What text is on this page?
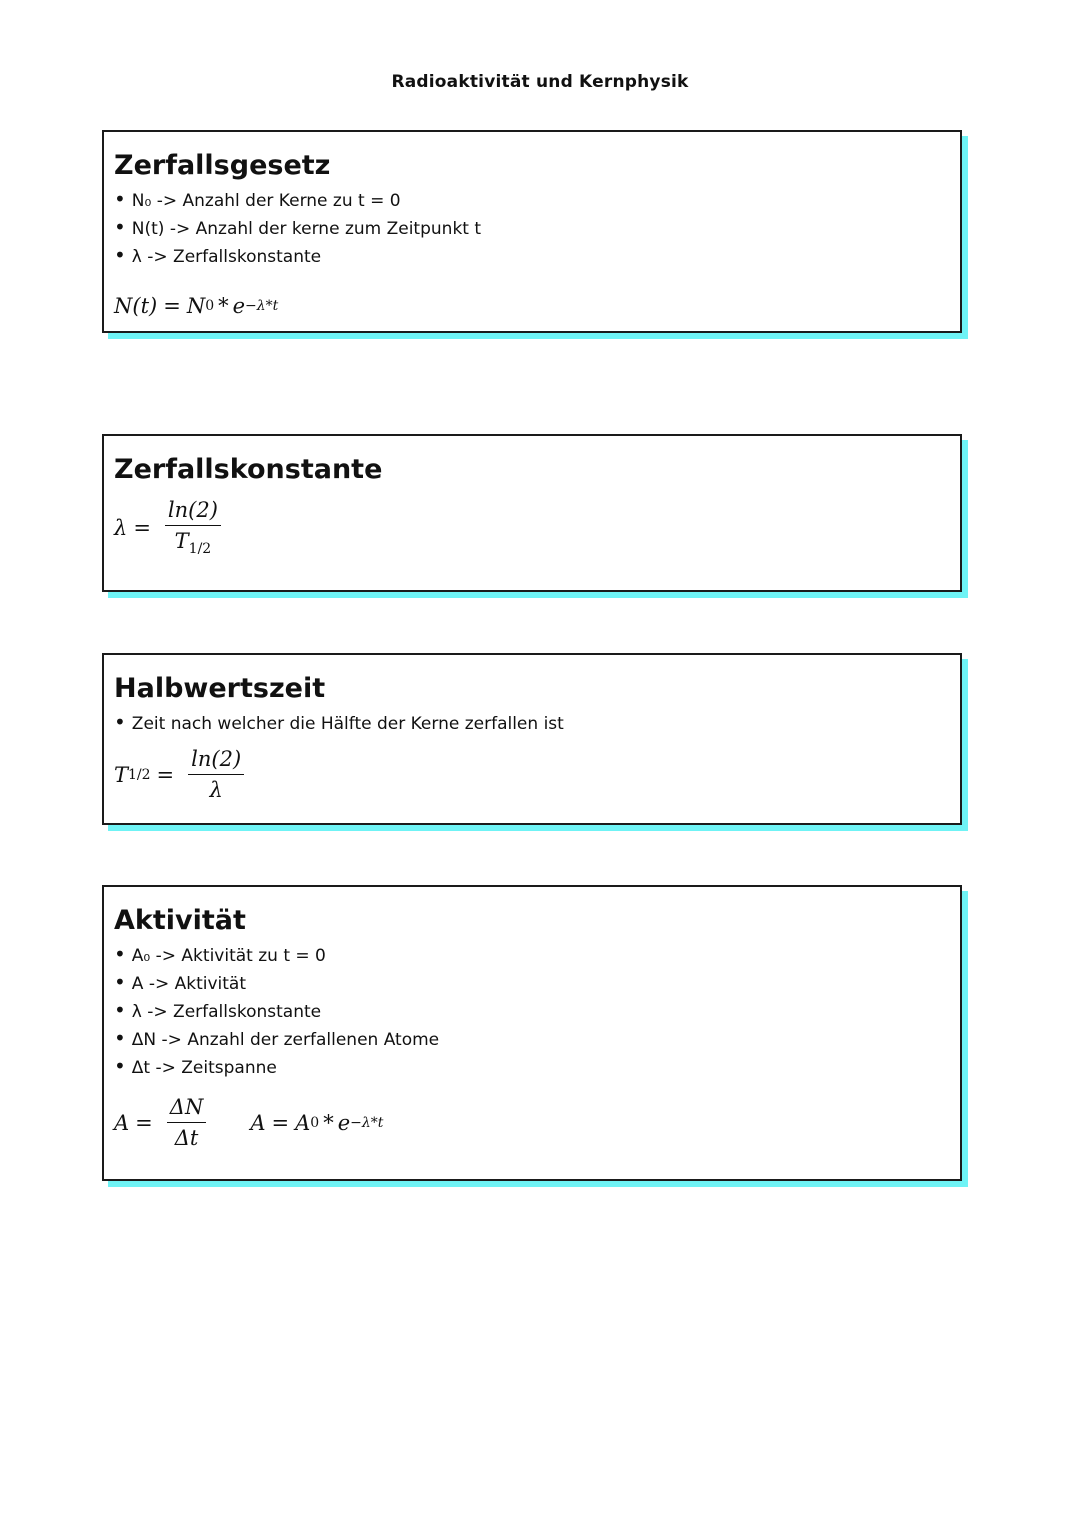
Radioaktivität und Kernphysik
Zerfallsgesetz
• N₀ -> Anzahl der Kerne zu t = 0
• N(t) -> Anzahl der kerne zum Zeitpunkt t
• λ -> Zerfallskonstante
N(t) = N 0 * e −λ*t
Zerfallskonstante
$\lambda = \frac{\ln(2)}{T_{1/2}}$
Halbwertszeit
• Zeit nach welcher die Hälfte der Kerne zerfallen ist
T $1/2 = \frac{\ln(2)}{\lambda}$
Aktivität
• A₀ -> Aktivität zu t = 0
• A -> Aktivität
• λ -> Zerfallskonstante
• ΔN -> Anzahl der zerfallenen Atome
• Δt -> Zeitspanne
$A = \frac{\Delta N}{\Delta t}$ A = A 0 * e −λ*t
